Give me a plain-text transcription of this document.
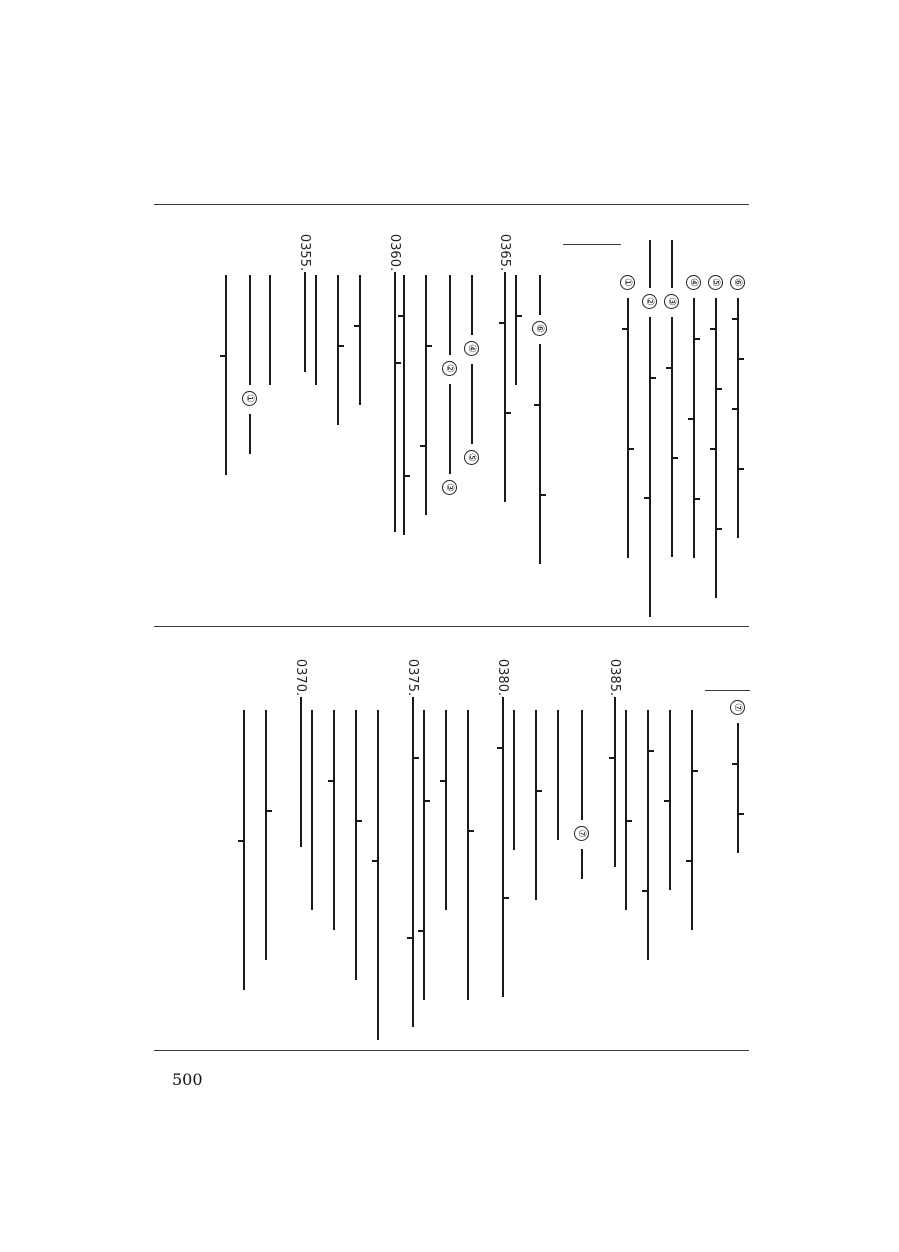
⑥
⑤
④
③
②
①
⑥
0365.
④
⑤
②
③
0360.
0355.
①
⑦
0385.
⑦
0380.
0375.
0370.
500
